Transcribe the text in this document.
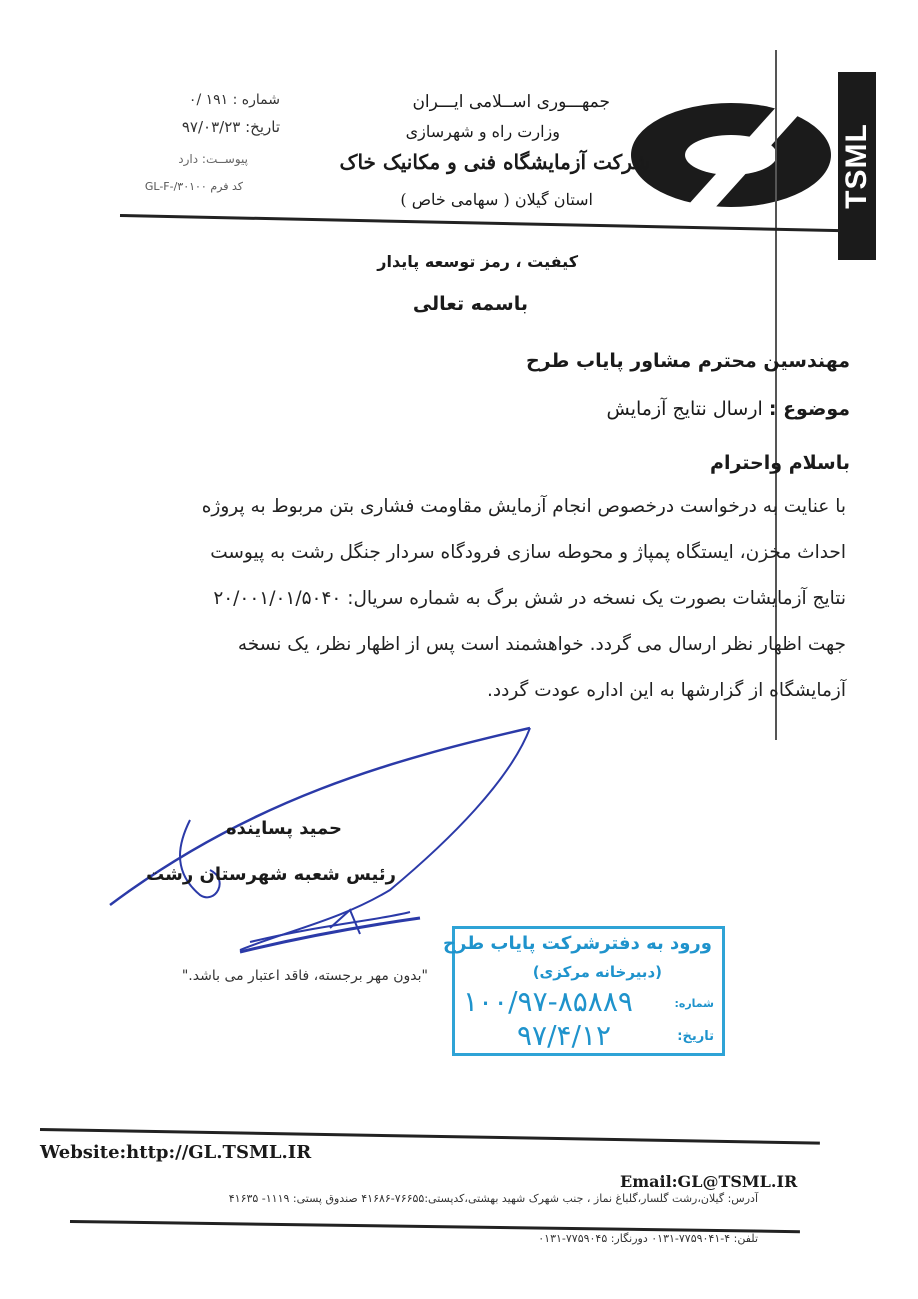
TSML
جمهـــوری اســلامی ایـــران
وزارت راه و شهرسازی
شرکت آزمایشگاه فنی و مکانیک خاک
استان گیلان ( سهامی خاص )
شماره : ۱۹۱ /۰
تاریخ: ۹۷/۰۳/۲۳
پیوســت: دارد
کد فرم GL-F-/۳۰۱۰۰
کیفیت ، رمز توسعه پایدار
باسمه تعالی
مهندسین محترم مشاور پایاب طرح
موضوع : ارسال نتایج آزمایش
باسلام واحترام
با عنایت به درخواست درخصوص انجام آزمایش مقاومت فشاری بتن مربوط به پروژه
احداث مخزن، ایستگاه پمپاژ و محوطه سازی فرودگاه سردار جنگل رشت به پیوست
نتایج آزمایشات بصورت یک نسخه در شش برگ به شماره سریال: ۲۰/۰۰۱/۰۱/۵۰۴۰
جهت اظهار نظر ارسال می گردد. خواهشمند است پس از اظهار نظر، یک نسخه
آزمایشگاه از گزارشها به این اداره عودت گردد.
حمید پساینده
رئیس شعبه شهرستان رشت
"بدون مهر برجسته، فاقد اعتبار می باشد."
ورود به دفترشرکت پایاب طرح
(دبیرخانه مرکزی)
شماره:
۱۰۰/۹۷-۸۵۸۸۹
تاریخ:
۹۷/۴/۱۲
Website:http://GL.TSML.IR
Email:GL@TSML.IR
آدرس: گیلان،رشت گلسار،گلباغ نماز ، جنب شهرک شهید بهشتی،کدپستی:۷۶۶۵۵-۴۱۶۸۶ صندوق پستی: ۱۱۱۹- ۴۱۶۳۵
تلفن: ۴-۷۷۵۹۰۴۱-۰۱۳۱ دورنگار: ۷۷۵۹۰۴۵-۰۱۳۱
